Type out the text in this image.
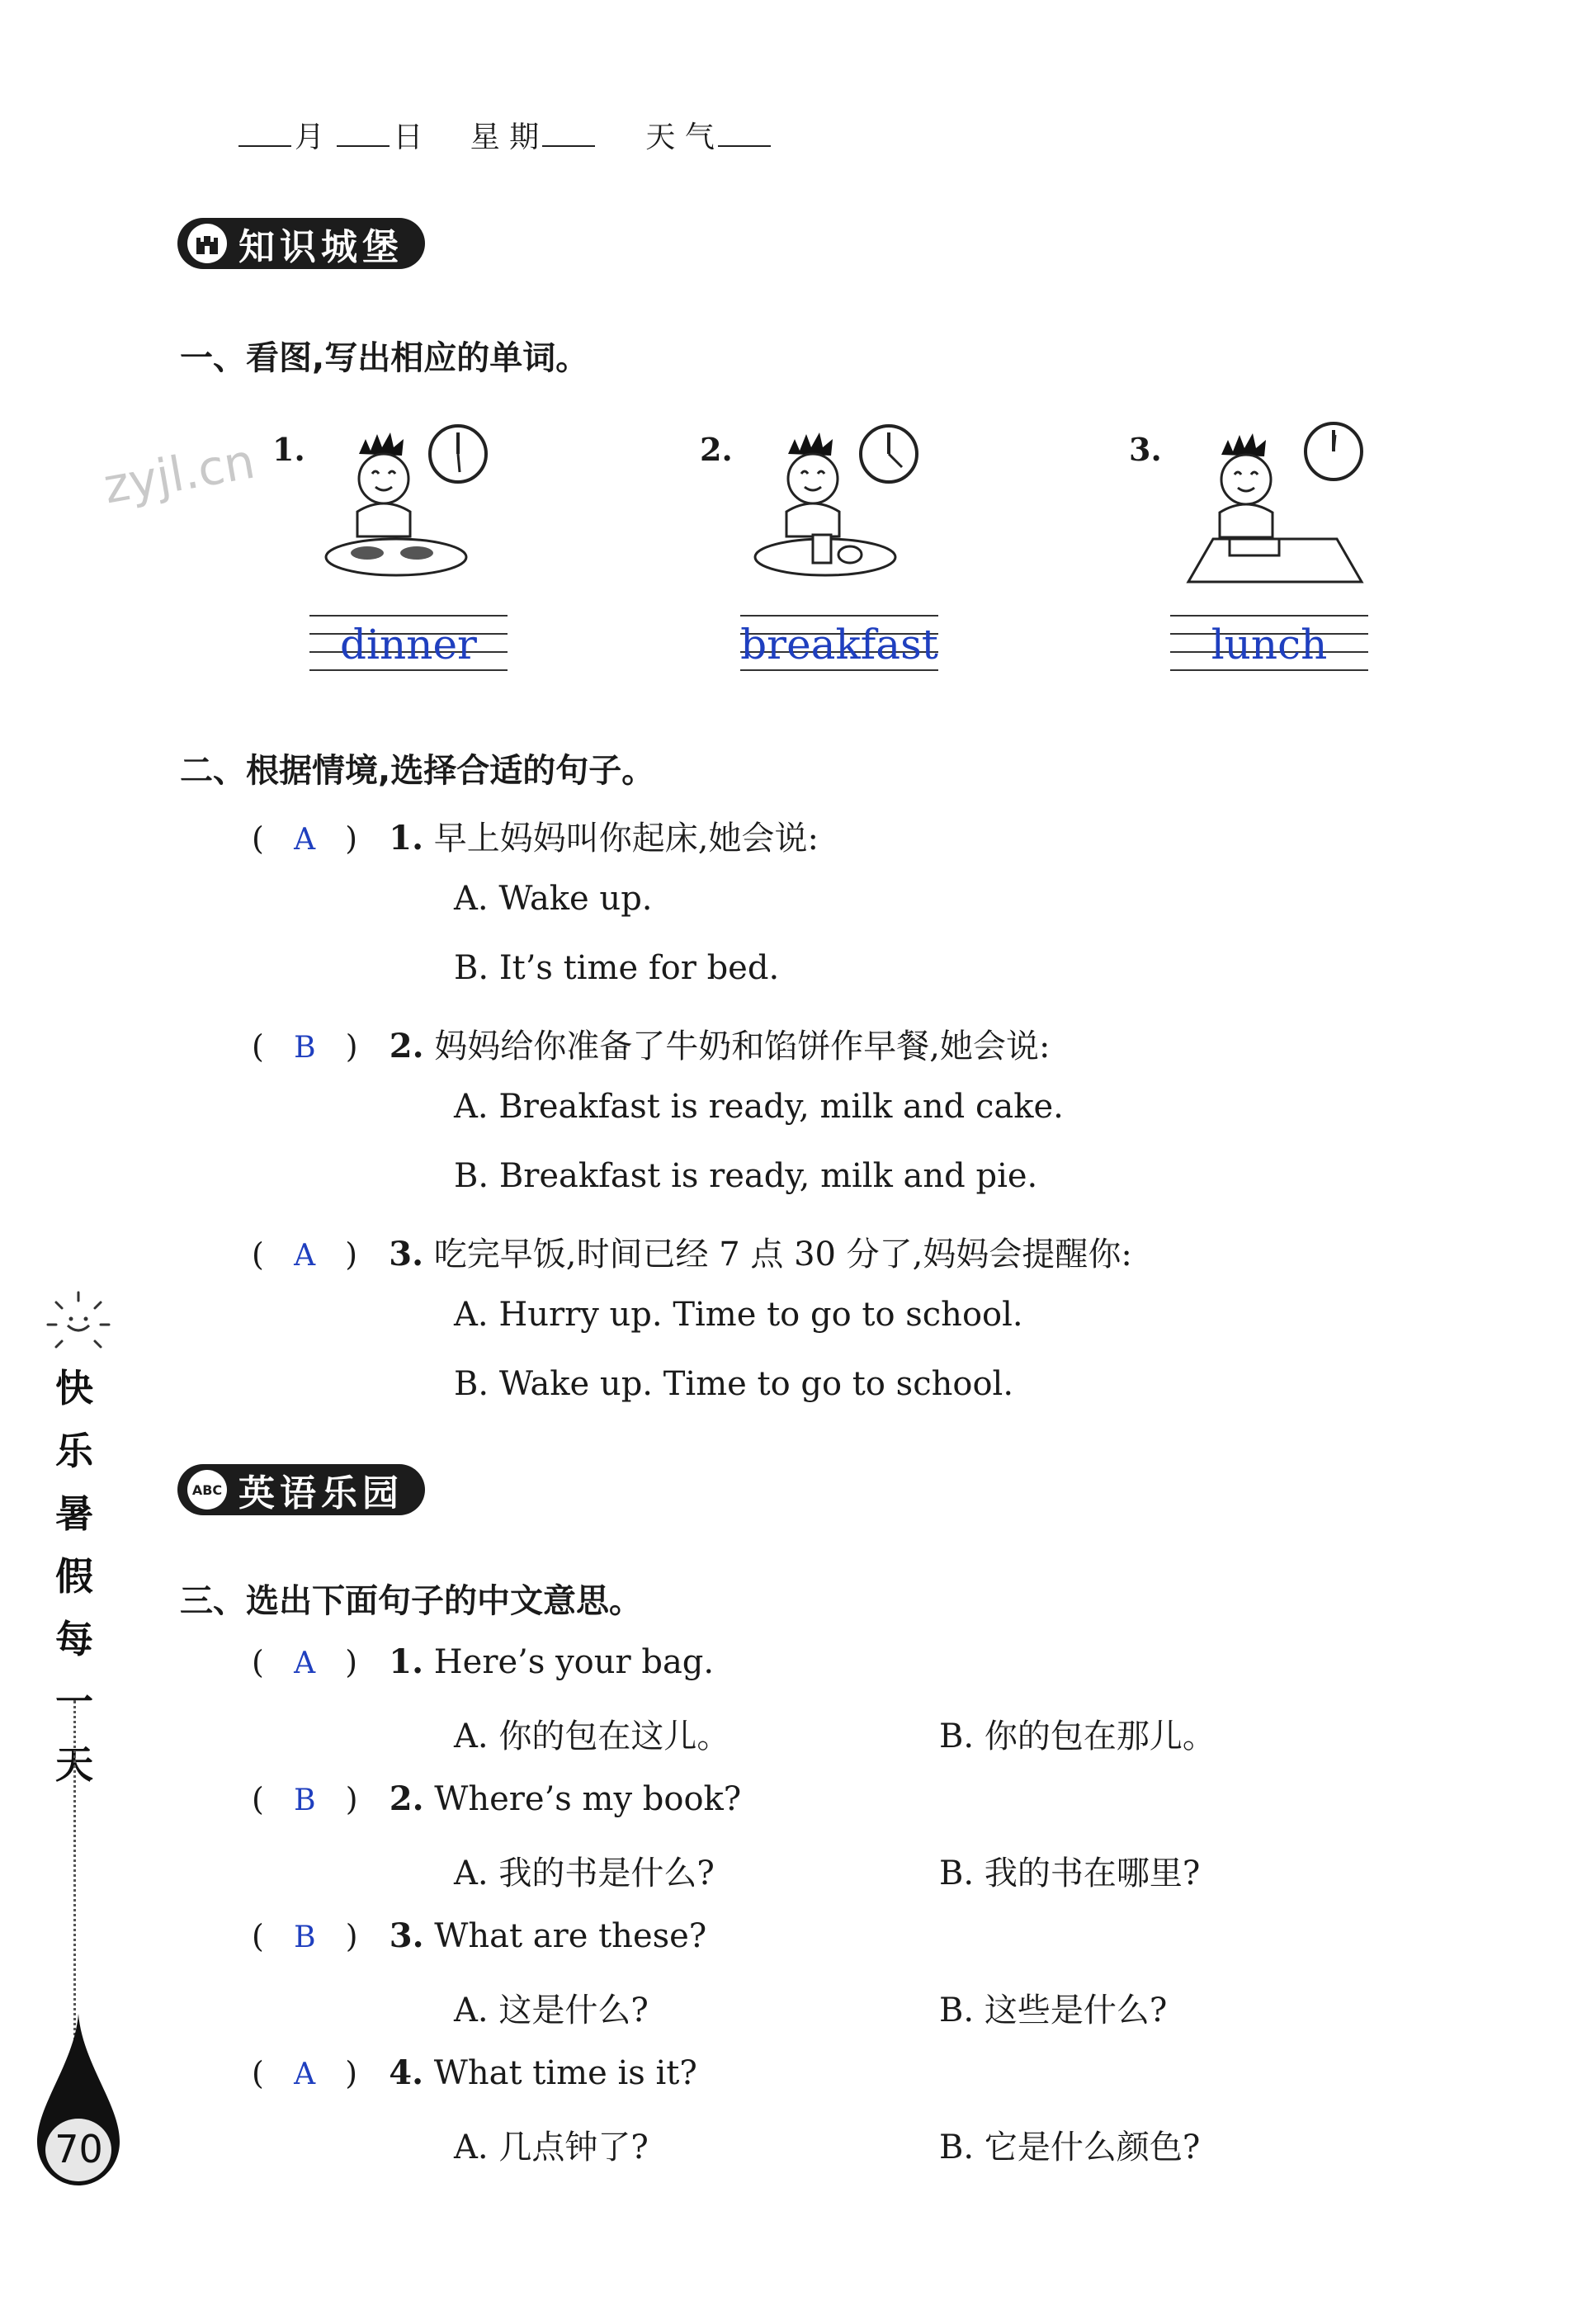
月 日 星 期	天 气
知识城堡
zyjl.cn
一、看图,写出相应的单词。
1.
dinner
2.
breakfast
3.
lunch
二、根据情境,选择合适的句子。
(   A   ) 1. 早上妈妈叫你起床,她会说:
A. Wake up.
B. It’s time for bed.
(   B   ) 2. 妈妈给你准备了牛奶和馅饼作早餐,她会说:
A. Breakfast is ready, milk and cake.
B. Breakfast is ready, milk and pie.
(   A   ) 3. 吃完早饭,时间已经 7 点 30 分了,妈妈会提醒你:
A. Hurry up. Time to go to school.
B. Wake up. Time to go to school.
ABC 英语乐园
三、选出下面句子的中文意思。
(   A   ) 1. Here’s your bag.
A. 你的包在这儿。	B. 你的包在那儿。
(   B   ) 2. Where’s my book?
A. 我的书是什么?	B. 我的书在哪里?
(   B   ) 3. What are these?
A. 这是什么?	B. 这些是什么?
(   A   ) 4. What time is it?
A. 几点钟了?	B. 它是什么颜色?
快
乐
暑
假
每
一
天
70
